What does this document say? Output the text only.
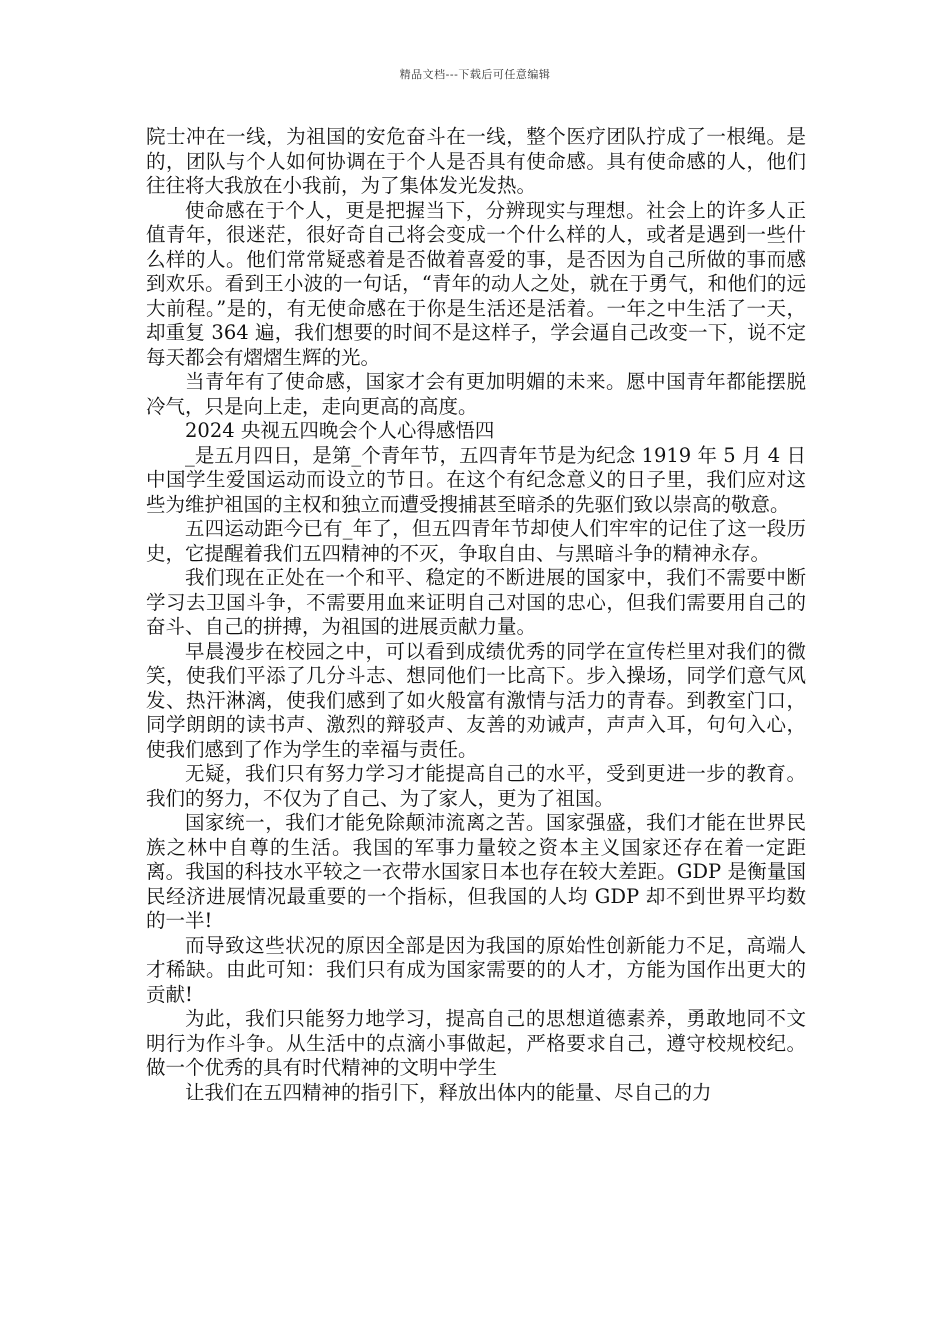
精品文档---下载后可任意编辑

院士冲在一线，为祖国的安危奋斗在一线，整个医疗团队拧成了一根绳。是的，团队与个人如何协调在于个人是否具有使命感。具有使命感的人，他们往往将大我放在小我前，为了集体发光发热。

使命感在于个人，更是把握当下，分辨现实与理想。社会上的许多人正值青年，很迷茫，很好奇自己将会变成一个什么样的人，或者是遇到一些什么样的人。他们常常疑惑着是否做着喜爱的事，是否因为自己所做的事而感到欢乐。看到王小波的一句话，“青年的动人之处，就在于勇气，和他们的远大前程。”是的，有无使命感在于你是生活还是活着。一年之中生活了一天，却重复 364 遍，我们想要的时间不是这样子，学会逼自己改变一下，说不定每天都会有熠熠生辉的光。

当青年有了使命感，国家才会有更加明媚的未来。愿中国青年都能摆脱冷气，只是向上走，走向更高的高度。

2024 央视五四晚会个人心得感悟四

_是五月四日，是第_个青年节，五四青年节是为纪念 1919 年 5 月 4 日中国学生爱国运动而设立的节日。在这个有纪念意义的日子里，我们应对这些为维护祖国的主权和独立而遭受搜捕甚至暗杀的先驱们致以崇高的敬意。

五四运动距今已有_年了，但五四青年节却使人们牢牢的记住了这一段历史，它提醒着我们五四精神的不灭，争取自由、与黑暗斗争的精神永存。

我们现在正处在一个和平、稳定的不断进展的国家中，我们不需要中断学习去卫国斗争，不需要用血来证明自己对国的忠心，但我们需要用自己的奋斗、自己的拼搏，为祖国的进展贡献力量。

早晨漫步在校园之中，可以看到成绩优秀的同学在宣传栏里对我们的微笑，使我们平添了几分斗志、想同他们一比高下。步入操场，同学们意气风发、热汗淋漓，使我们感到了如火般富有激情与活力的青春。到教室门口，同学朗朗的读书声、激烈的辩驳声、友善的劝诫声，声声入耳，句句入心，使我们感到了作为学生的幸福与责任。

无疑，我们只有努力学习才能提高自己的水平，受到更进一步的教育。我们的努力，不仅为了自己、为了家人，更为了祖国。

国家统一，我们才能免除颠沛流离之苦。国家强盛，我们才能在世界民族之林中自尊的生活。我国的军事力量较之资本主义国家还存在着一定距离。我国的科技水平较之一衣带水国家日本也存在较大差距。GDP 是衡量国民经济进展情况最重要的一个指标，但我国的人均 GDP 却不到世界平均数的一半!

而导致这些状况的原因全部是因为我国的原始性创新能力不足，高端人才稀缺。由此可知：我们只有成为国家需要的的人才，方能为国作出更大的贡献!

为此，我们只能努力地学习，提高自己的思想道德素养，勇敢地同不文明行为作斗争。从生活中的点滴小事做起，严格要求自己，遵守校规校纪。做一个优秀的具有时代精神的文明中学生

让我们在五四精神的指引下，释放出体内的能量、尽自己的力
